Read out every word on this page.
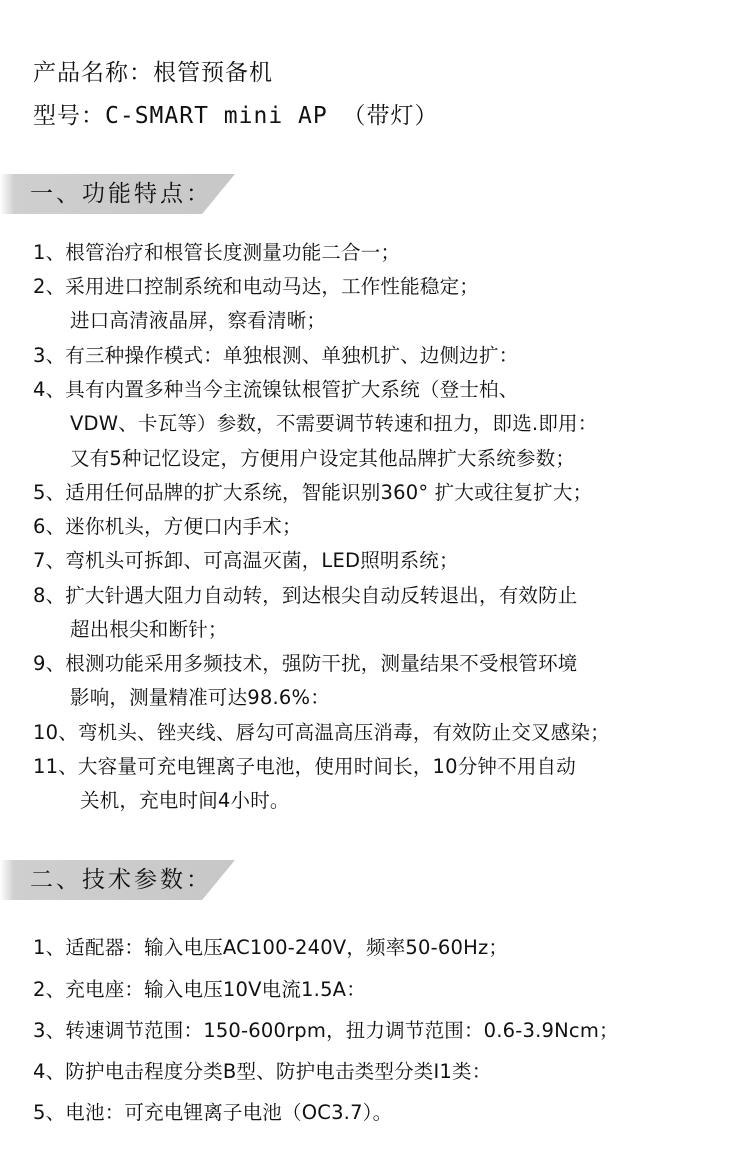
产品名称：根管预备机
型号：C-SMART mini AP （带灯）
一、功能特点：
1、根管治疗和根管长度测量功能二合一；
2、采用进口控制系统和电动马达，工作性能稳定；
进口高清液晶屏，察看清晰；
3、有三种操作模式：单独根测、单独机扩、边侧边扩：
4、具有内置多种当今主流镍钛根管扩大系统（登士柏、
VDW、卡瓦等）参数，不需要调节转速和扭力，即选.即用：
又有5种记忆设定，方便用户设定其他品牌扩大系统参数；
5、适用任何品牌的扩大系统，智能识别360° 扩大或往复扩大；
6、迷你机头，方便口内手术；
7、弯机头可拆卸、可高温灭菌，LED照明系统；
8、扩大针遇大阻力自动转，到达根尖自动反转退出，有效防止
超出根尖和断针；
9、根测功能采用多频技术，强防干扰，测量结果不受根管环境
影响，测量精准可达98.6%：
10、弯机头、锉夹线、唇勾可高温高压消毒，有效防止交叉感染；
11、大容量可充电锂离子电池，使用时间长，10分钟不用自动
关机，充电时间4小时。
二、技术参数：
1、适配器：输入电压AC100-240V，频率50-60Hz；
2、充电座：输入电压10V电流1.5A：
3、转速调节范围：150-600rpm，扭力调节范围：0.6-3.9Ncm；
4、防护电击程度分类B型、防护电击类型分类I1类：
5、电池：可充电锂离子电池（OC3.7）。
